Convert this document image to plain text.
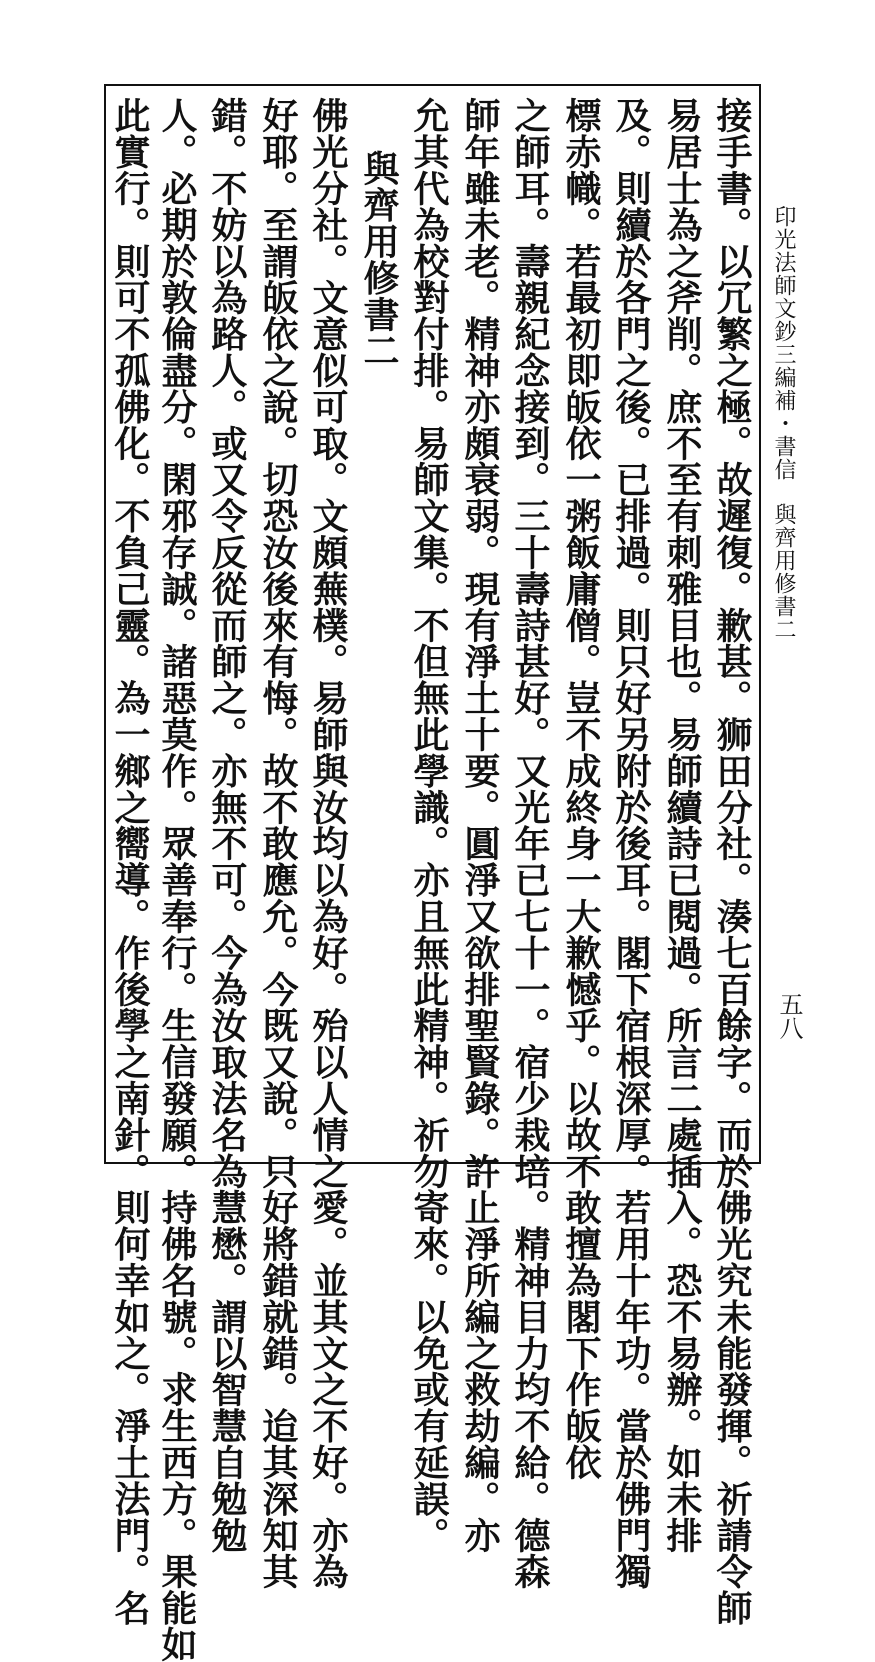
印光法師文鈔三編補・書信與齊用修書二
五八
接手書。以冗繁之極。故遲復。歉甚。狮田分社。湊七百餘字。而於佛光究未能發揮。祈請令師
易居士為之斧削。庶不至有刺雅目也。易師續詩已閱過。所言二處插入。恐不易辦。如未排
及。則續於各門之後。已排過。則只好另附於後耳。閣下宿根深厚。若用十年功。當於佛門獨
標赤幟。若最初即皈依一粥飯庸僧。豈不成終身一大歉憾乎。以故不敢擅為閣下作皈依
之師耳。壽親紀念接到。三十壽詩甚好。又光年已七十一。宿少栽培。精神目力均不給。德森
師年雖未老。精神亦頗衰弱。現有淨土十要。圓淨又欲排聖賢錄。許止淨所編之救劫編。亦
允其代為校對付排。易師文集。不但無此學識。亦且無此精神。祈勿寄來。以免或有延誤。
與齊用修書二
佛光分社。文意似可取。文頗蕪樸。易師與汝均以為好。殆以人情之愛。並其文之不好。亦為
好耶。至謂皈依之說。切恐汝後來有悔。故不敢應允。今既又說。只好將錯就錯。迨其深知其
錯。不妨以為路人。或又令反從而師之。亦無不可。今為汝取法名為慧懋。謂以智慧自勉勉
人。必期於敦倫盡分。閑邪存誠。諸惡莫作。眾善奉行。生信發願。持佛名號。求生西方。果能如
此實行。則可不孤佛化。不負己靈。為一鄉之嚮導。作後學之南針。則何幸如之。淨土法門。名
